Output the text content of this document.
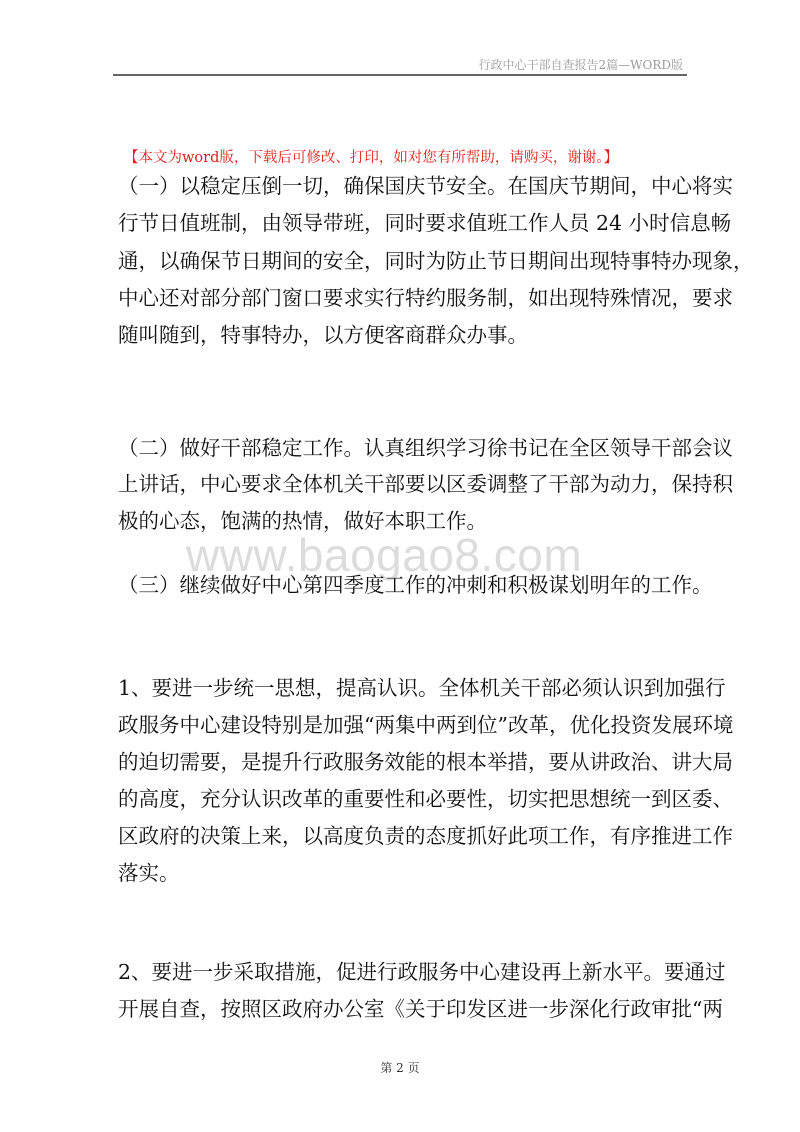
行政中心干部自查报告2篇—WORD版
【本文为word版，下载后可修改、打印，如对您有所帮助，请购买，谢谢。】
www.baogao8.com
（一）以稳定压倒一切，确保国庆节安全。在国庆节期间，中心将实
行节日值班制，由领导带班，同时要求值班工作人员 24 小时信息畅
通，以确保节日期间的安全，同时为防止节日期间出现特事特办现象，
中心还对部分部门窗口要求实行特约服务制，如出现特殊情况，要求
随叫随到，特事特办，以方便客商群众办事。
（二）做好干部稳定工作。认真组织学习徐书记在全区领导干部会议
上讲话，中心要求全体机关干部要以区委调整了干部为动力，保持积
极的心态，饱满的热情，做好本职工作。
（三）继续做好中心第四季度工作的冲刺和积极谋划明年的工作。
1、要进一步统一思想，提高认识。全体机关干部必须认识到加强行
政服务中心建设特别是加强“两集中两到位”改革，优化投资发展环境
的迫切需要，是提升行政服务效能的根本举措，要从讲政治、讲大局
的高度，充分认识改革的重要性和必要性，切实把思想统一到区委、
区政府的决策上来，以高度负责的态度抓好此项工作，有序推进工作
落实。
2、要进一步采取措施，促进行政服务中心建设再上新水平。要通过
开展自查，按照区政府办公室《关于印发区进一步深化行政审批“两
第 2 页
